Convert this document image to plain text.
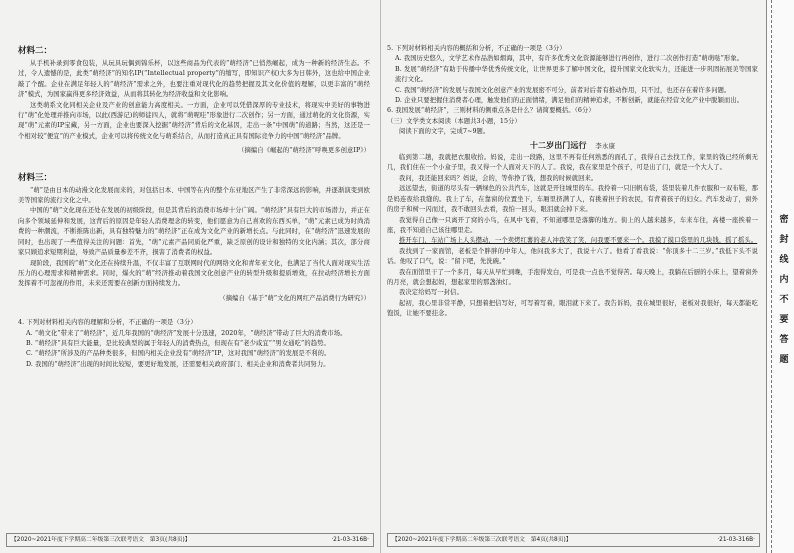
材料二：

从手机补录到零食包装，从玩具玩偶到锦乐杯，以这些商品为代表的“萌经济”已悄然崛起，成为一种新的经济生态。不过，令人遗憾的是，此类“萌经济”的知名IP(“Intellectual property”的缩写，即知识产权)大多为日韩外，这也给中国企业敲了个醒。企业在满足年轻人的“萌经济”需求之外，也要注重对现代化的趋势把握及其文化价值的理解，以更丰富的“萌经济”模式，为国家赢得更多经济效益，从而将其转化为经济收益和文化影响。

这类萌系文化同相关企业及产业的创意能力高度相关。一方面，企业可以凭借深厚的专业技术，将现实中美好的事物进行“萌”化处理并推向市场，以此(西游记)的师徒四人，就将“萌呢哇”形象进行二次创作；另一方面，通过萌化的文化资源，实现“萌”元素的IP宝藏，另一方面，企业也要深入挖掘“萌经济”背后的文化基因，走出一条“中国萌”的道路；当然，这还是一个相对较“便宜”的产业模式，企业可以将传统文化与萌系结合，从而打造真正具有国际竞争力的中国“萌经济”品牌。

（摘编自《崛起的“萌经济”呼唤更多创意IP》）

材料三：

“萌”是由日本的动漫文化发展而来的，对包括日本、中国等在内的整个东亚地区产生了非常深远的影响，并逐渐演变到欧美等国家的流行文化之中。

中国的“萌”文化现在还处在发展的初级阶段，但是其背后的消费市场却十分广阔。“萌经济”具有巨大的市场潜力，并正在向多个领域延伸和发展，这背后的原因是年轻人消费理念的转变，他们愿意为自己喜欢的东西买单，“萌”元素已成为时尚消费的一种潮流，不断推陈出新，具有独特魅力的“萌经济”正在成为文化产业的新增长点。与此同时，在“萌经济”迅速发展的同时，也出现了一些值得关注的问题：首先，“萌”元素产品同质化严重，缺乏原创的设计和独特的文化内涵；其次，部分商家只顾追求短期利益，导致产品质量参差不齐，损害了消费者的权益。

现阶段，我国的“萌”文化还在持续升温，不仅丰富了互联网时代的网络文化和青年亚文化，也满足了当代人面对现实生活压力的心理需求和精神需求。同时，爆火的“萌”经济推动着我国文化创意产业的转型升级和提质增效，在拉动经济增长方面发挥着不可忽视的作用，未来还需要在创新方面持续发力。

（摘编自《基于“萌”文化的网红产品消费行为研究》）

4. 下列对材料相关内容的理解和分析，不正确的一项是（3分）

A. “萌文化”带来了“萌经济”，近几年我国的“萌经济”发展十分迅速，2020年，“萌经济”带动了巨大的消费市场。

B. “萌经济”具有巨大能量，是比较典型的属于年轻人的消费热点，但现在有“老少咸宜”“男女通吃”的趋势。

C. “萌经济”所涉及的产品种类很多，但国内相关企业没有“萌经济”IP，这对我国“萌经济”的发展是不利的。

D. 我国的“萌经济”出现的时间比较短，要更好地发展，还需要相关政府部门、相关企业和消费者共同努力。

【2020~2021年度下学期高二年级第三次联考语文　第3页(共8页)】	·21-03-316B·

5. 下列对材料相关内容的概括和分析，不正确的一项是（3分）

A. 我国历史悠久，文学艺术作品浩如烟海，其中，有许多优秀文化资源能够进行再创作，进行二次创作打造“萌萌哒”形象。

B. 发展“萌经济”有助于传播中华优秀传统文化，让世界更多了解中国文化，提升国家文化软实力，还能进一步巩固拓展美等国家流行文化。

C. 我国“萌经济”的发展与我国文化创意产业的发展密不可分，前者对后者有推动作用，只不过，也还存在着许多问题。

D. 企业只要把握住消费者心理，触发他们的正面情绪，满足他们的精神追求，不断创新，就能在经营文化产业中脱颖而出。

6. 我国发展“萌经济”，三则材料的侧重点各是什么？请简要概括。（6分）

（三）文学类文本阅读（本题共3小题，15分）

阅读下面的文字，完成7~9题。

十二岁出门远行 李永康

临到第二趟，我就把衣服收拾。妈说，走出一段路，这里不再有任何熟悉的面孔了，我得自己去找工作，家里的钱已经所剩无几，我们住在一个小盒子里，我又得一个人面对天下的人了。我说，我在家里是个孩子，可是出了门，就是一个大人了。

我问，我还能回来吗？妈说，会的，等你挣了钱，想我的时候就回来。

远远望去，街道的尽头有一辆绿色的公共汽车，这就是开往城里的车。我拎着一只旧帆布袋，袋里装着几件衣服和一双布鞋，那是妈连夜给我缝的。我上了车，在靠窗的位置坐下，车厢里挤满了人，有挑着担子的农民，有背着孩子的妇女。汽车发动了，窗外的房子和树一闪而过，我不敢回头去看，我怕一回头，眼泪就会掉下来。

我觉得自己像一只离开了窝的小鸟，在风中飞着，不知道哪里是落脚的地方。街上的人越来越多，车来车往，高楼一座挨着一座，我不知道自己该往哪里走。

推开车门，车站广场上人头攒动，一个卖烤红薯的老人冲我笑了笑，问我要不要来一个。我摸了摸口袋里的几块钱，摇了摇头。

我找到了一家面馆，老板是个胖胖的中年人，他问我多大了，我说十六了。他看了看我说：“你顶多十二三岁。”我低下头不说话。他叹了口气，说：“留下吧，先洗碗。”

我在面馆里干了一个多月，每天从早忙到晚，手泡得发白，可是我一点也不觉得苦。每天晚上，我躺在后厨的小床上，望着窗外的月亮，就会想起妈，想起家里的那盏油灯。

我决定给妈写一封信。

起初，我心里非常平静，只想着把信写好，可写着写着，眼泪就下来了。我告诉妈，我在城里很好，老板对我很好，每天都能吃饱饭，让她不要挂念。

【2020~2021年度下学期高二年级第三次联考语文　第4页(共8页)】	·21-03-316B·
密
封
线
内
不
要
答
题
